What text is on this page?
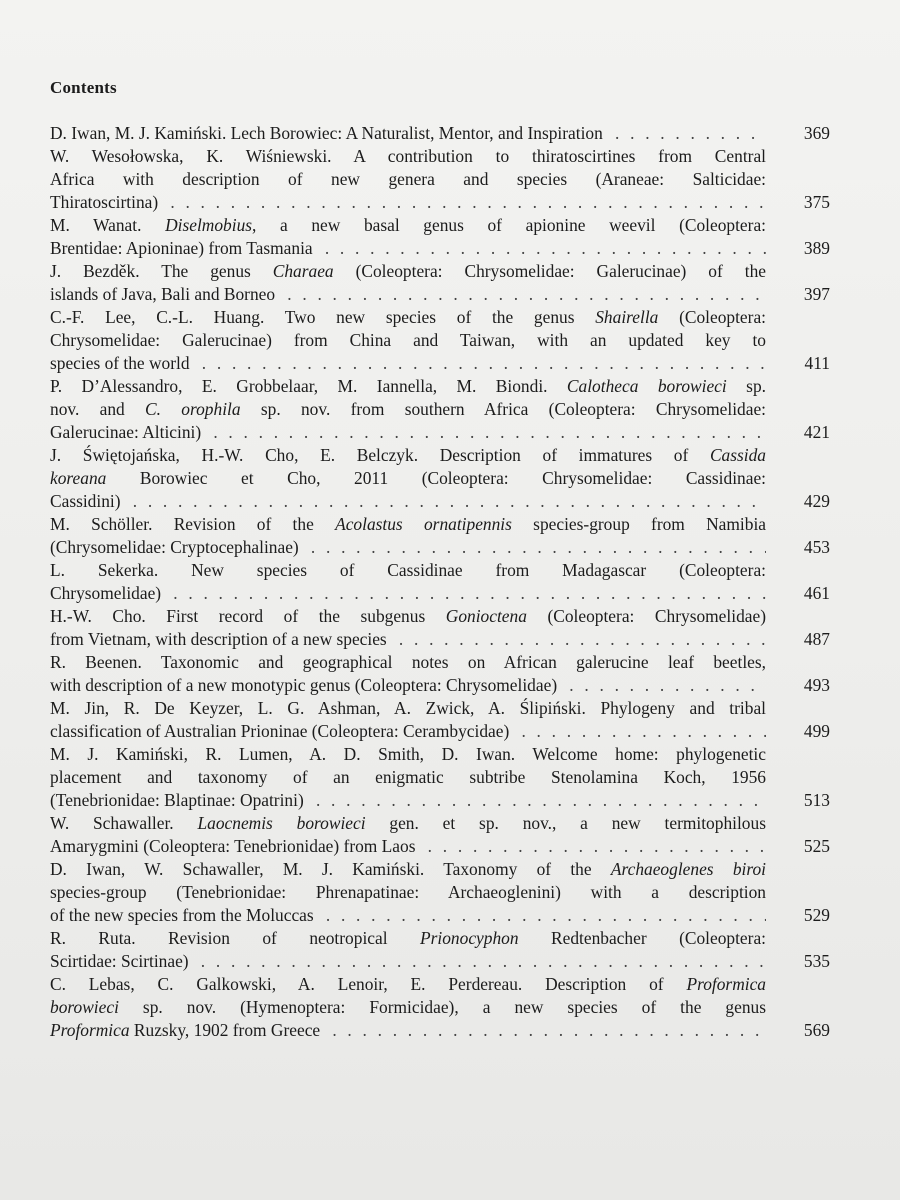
Contents
D. Iwan, M. J. Kamiński. Lech Borowiec: A Naturalist, Mentor, and Inspiration . . .	369
W. Wesołowska, K. Wiśniewski. A contribution to thiratoscirtines from Central
Africa with description of new genera and species (Araneae: Salticidae:
Thiratoscirtina) . . .	375
M. Wanat. Diselmobius, a new basal genus of apionine weevil (Coleoptera:
Brentidae: Apioninae) from Tasmania . . .	389
J. Bezděk. The genus Charaea (Coleoptera: Chrysomelidae: Galerucinae) of the
islands of Java, Bali and Borneo . . .	397
C.-F. Lee, C.-L. Huang. Two new species of the genus Shairella (Coleoptera:
Chrysomelidae: Galerucinae) from China and Taiwan, with an updated key to
species of the world . . .	411
P. D’Alessandro, E. Grobbelaar, M. Iannella, M. Biondi. Calotheca borowieci sp.
nov. and C. orophila sp. nov. from southern Africa (Coleoptera: Chrysomelidae:
Galerucinae: Alticini) . . .	421
J. Świętojańska, H.-W. Cho, E. Belczyk. Description of immatures of Cassida
koreana Borowiec et Cho, 2011 (Coleoptera: Chrysomelidae: Cassidinae:
Cassidini) . . .	429
M. Schöller. Revision of the Acolastus ornatipennis species-group from Namibia
(Chrysomelidae: Cryptocephalinae) . . .	453
L. Sekerka. New species of Cassidinae from Madagascar (Coleoptera:
Chrysomelidae) . . .	461
H.-W. Cho. First record of the subgenus Gonioctena (Coleoptera: Chrysomelidae)
from Vietnam, with description of a new species . . .	487
R. Beenen. Taxonomic and geographical notes on African galerucine leaf beetles,
with description of a new monotypic genus (Coleoptera: Chrysomelidae) . . .	493
M. Jin, R. De Keyzer, L. G. Ashman, A. Zwick, A. Ślipiński. Phylogeny and tribal
classification of Australian Prioninae (Coleoptera: Cerambycidae) . . .	499
M. J. Kamiński, R. Lumen, A. D. Smith, D. Iwan. Welcome home: phylogenetic
placement and taxonomy of an enigmatic subtribe Stenolamina Koch, 1956
(Tenebrionidae: Blaptinae: Opatrini) . . .	513
W. Schawaller. Laocnemis borowieci gen. et sp. nov., a new termitophilous
Amarygmini (Coleoptera: Tenebrionidae) from Laos . . .	525
D. Iwan, W. Schawaller, M. J. Kamiński. Taxonomy of the Archaeoglenes biroi
species-group (Tenebrionidae: Phrenapatinae: Archaeoglenini) with a description
of the new species from the Moluccas . . .	529
R. Ruta. Revision of neotropical Prionocyphon Redtenbacher (Coleoptera:
Scirtidae: Scirtinae) . . .	535
C. Lebas, C. Galkowski, A. Lenoir, E. Perdereau. Description of Proformica
borowieci sp. nov. (Hymenoptera: Formicidae), a new species of the genus
Proformica Ruzsky, 1902 from Greece . . .	569
